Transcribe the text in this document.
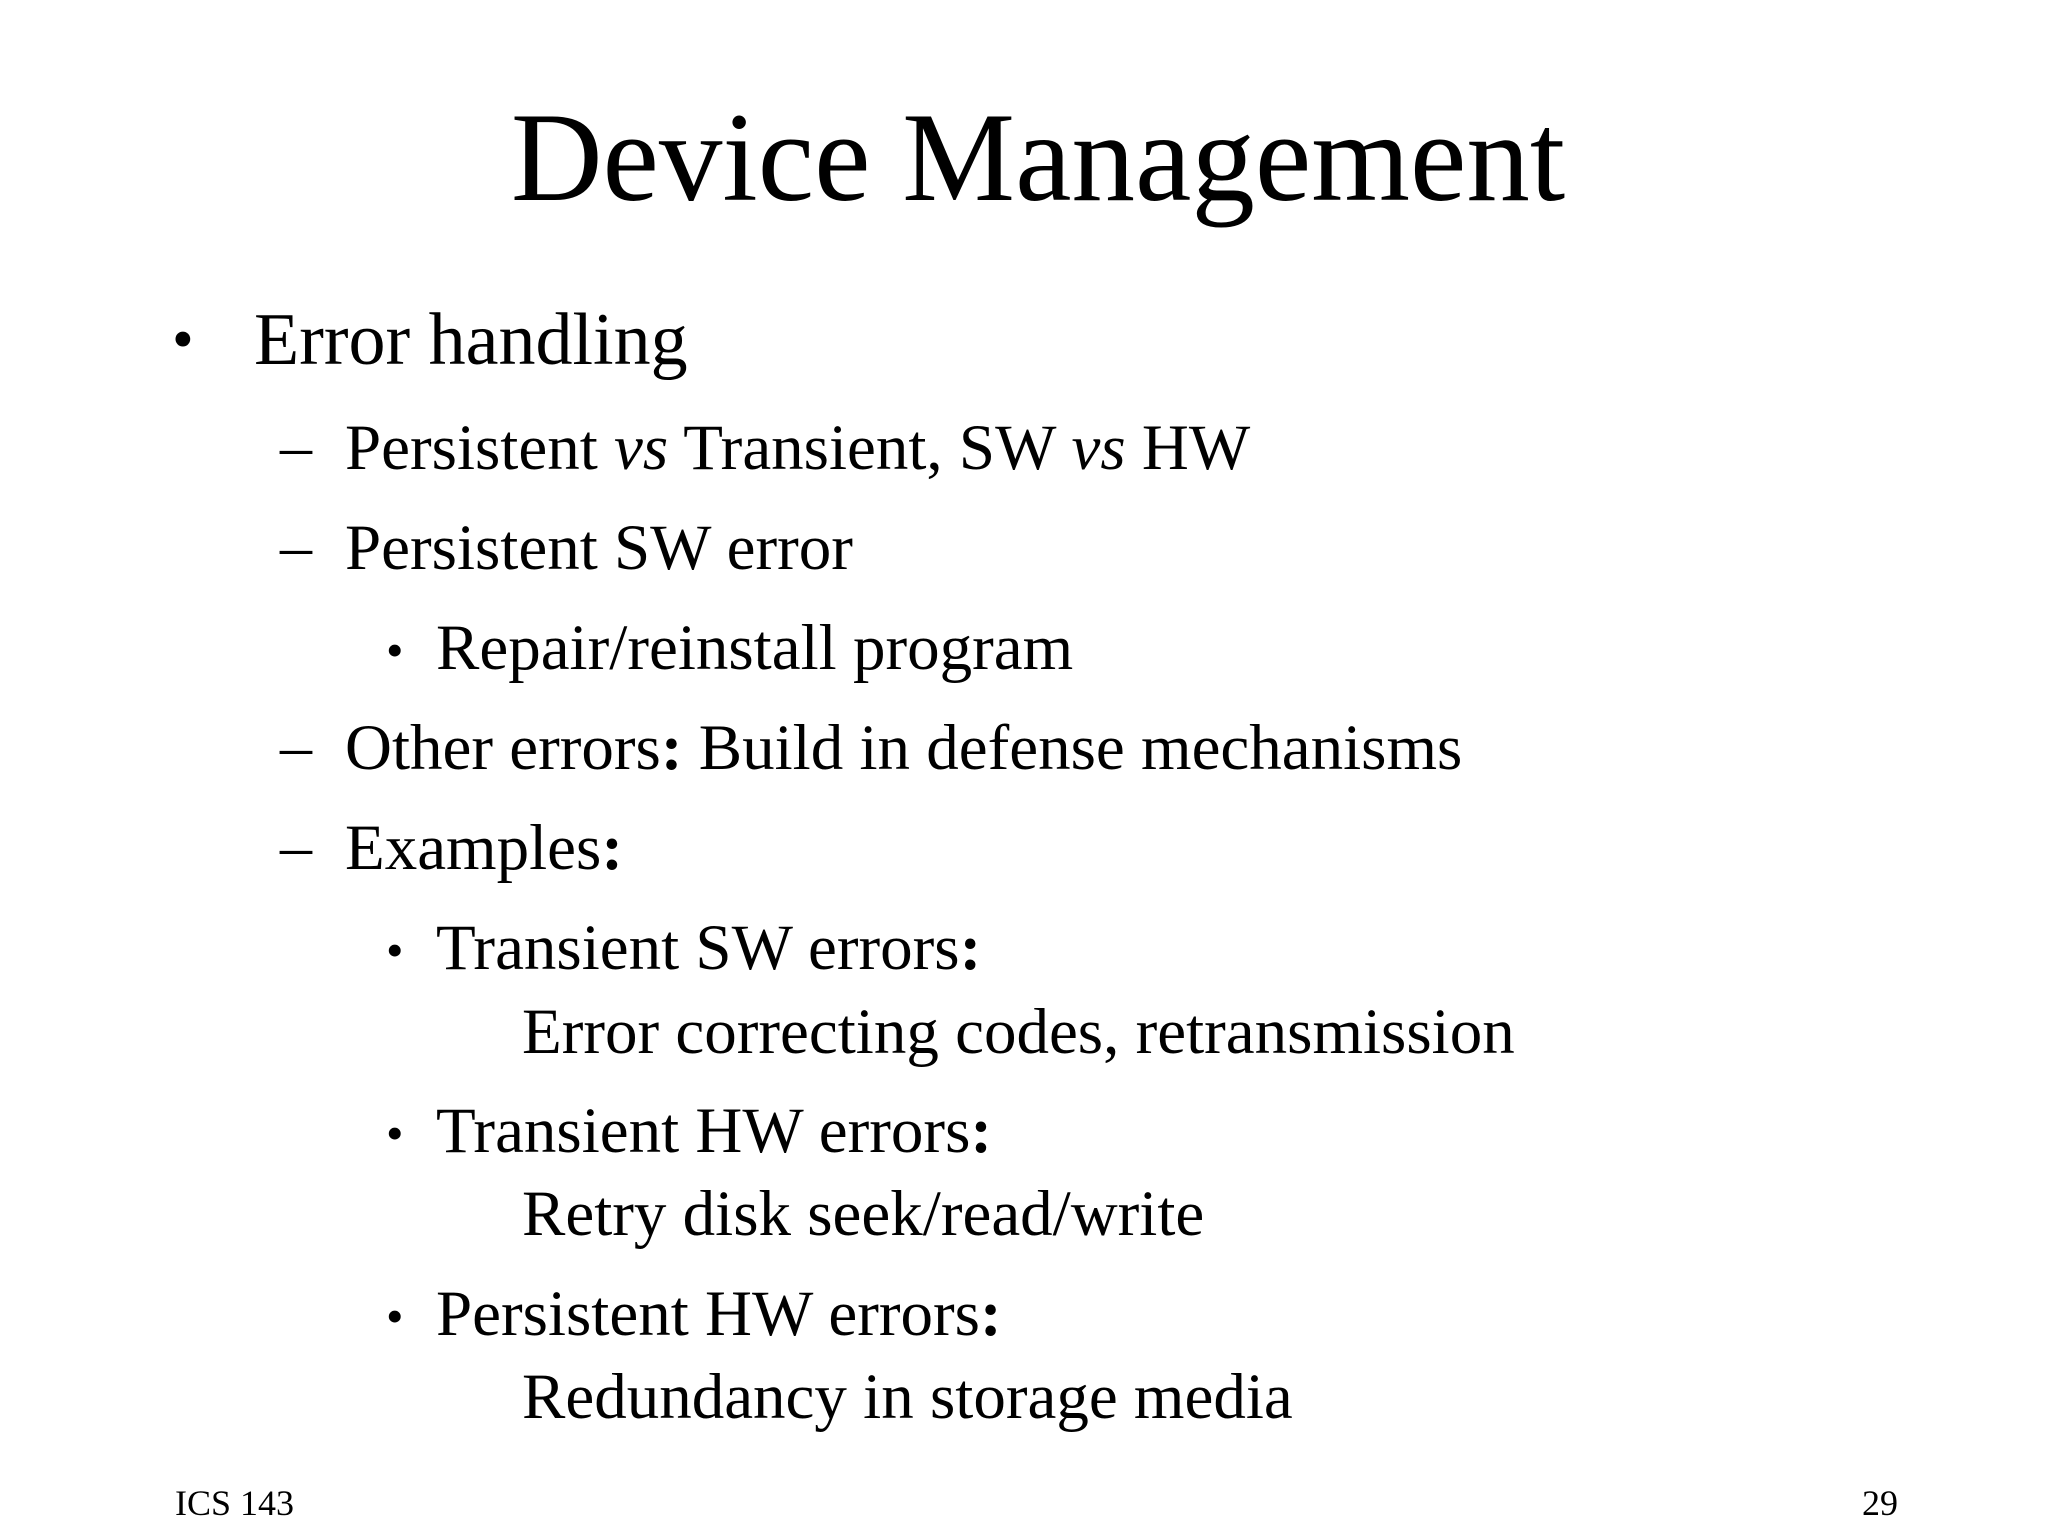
Device Management
• Error handling
– Persistent vs Transient, SW vs HW
– Persistent SW error
• Repair/reinstall program
– Other errors: Build in defense mechanisms
– Examples:
• Transient SW errors:
Error correcting codes, retransmission
• Transient HW errors:
Retry disk seek/read/write
• Persistent HW errors:
Redundancy in storage media
ICS 143	29
